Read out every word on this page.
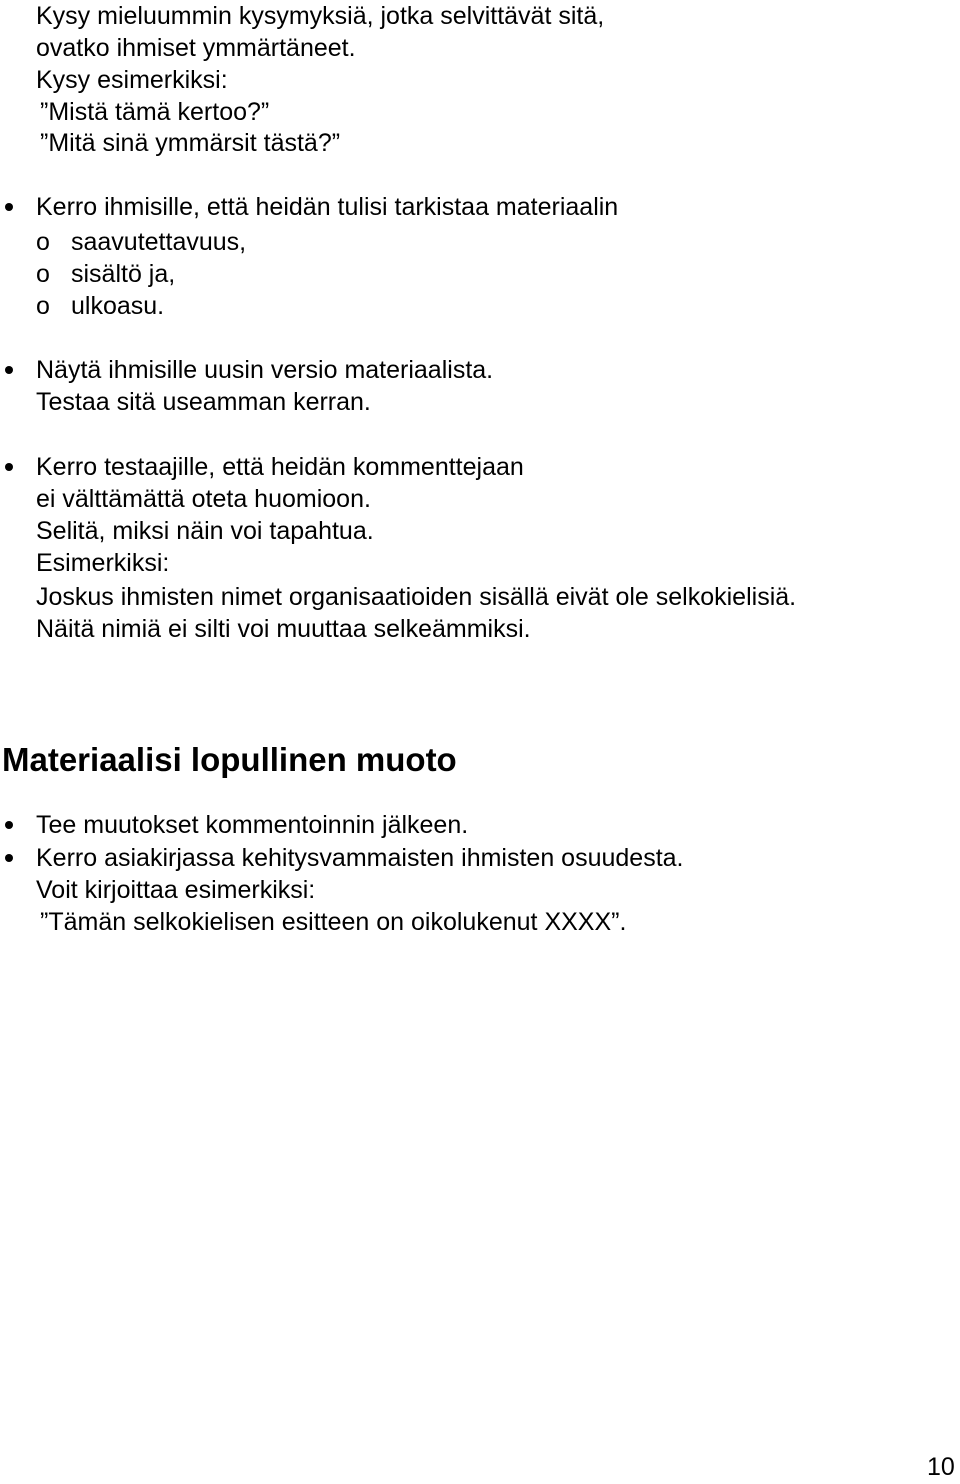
Kysy mieluummin kysymyksiä, jotka selvittävät sitä,
ovatko ihmiset ymmärtäneet.
Kysy esimerkiksi:
”Mistä tämä kertoo?”
”Mitä sinä ymmärsit tästä?”
Kerro ihmisille, että heidän tulisi tarkistaa materiaalin
o saavutettavuus,
o sisältö ja,
o ulkoasu.
Näytä ihmisille uusin versio materiaalista.
Testaa sitä useamman kerran.
Kerro testaajille, että heidän kommenttejaan
ei välttämättä oteta huomioon.
Selitä, miksi näin voi tapahtua.
Esimerkiksi:
Joskus ihmisten nimet organisaatioiden sisällä eivät ole selkokielisiä.
Näitä nimiä ei silti voi muuttaa selkeämmiksi.
Materiaalisi lopullinen muoto
Tee muutokset kommentoinnin jälkeen.
Kerro asiakirjassa kehitysvammaisten ihmisten osuudesta.
Voit kirjoittaa esimerkiksi:
”Tämän selkokielisen esitteen on oikolukenut XXXX”.
10
